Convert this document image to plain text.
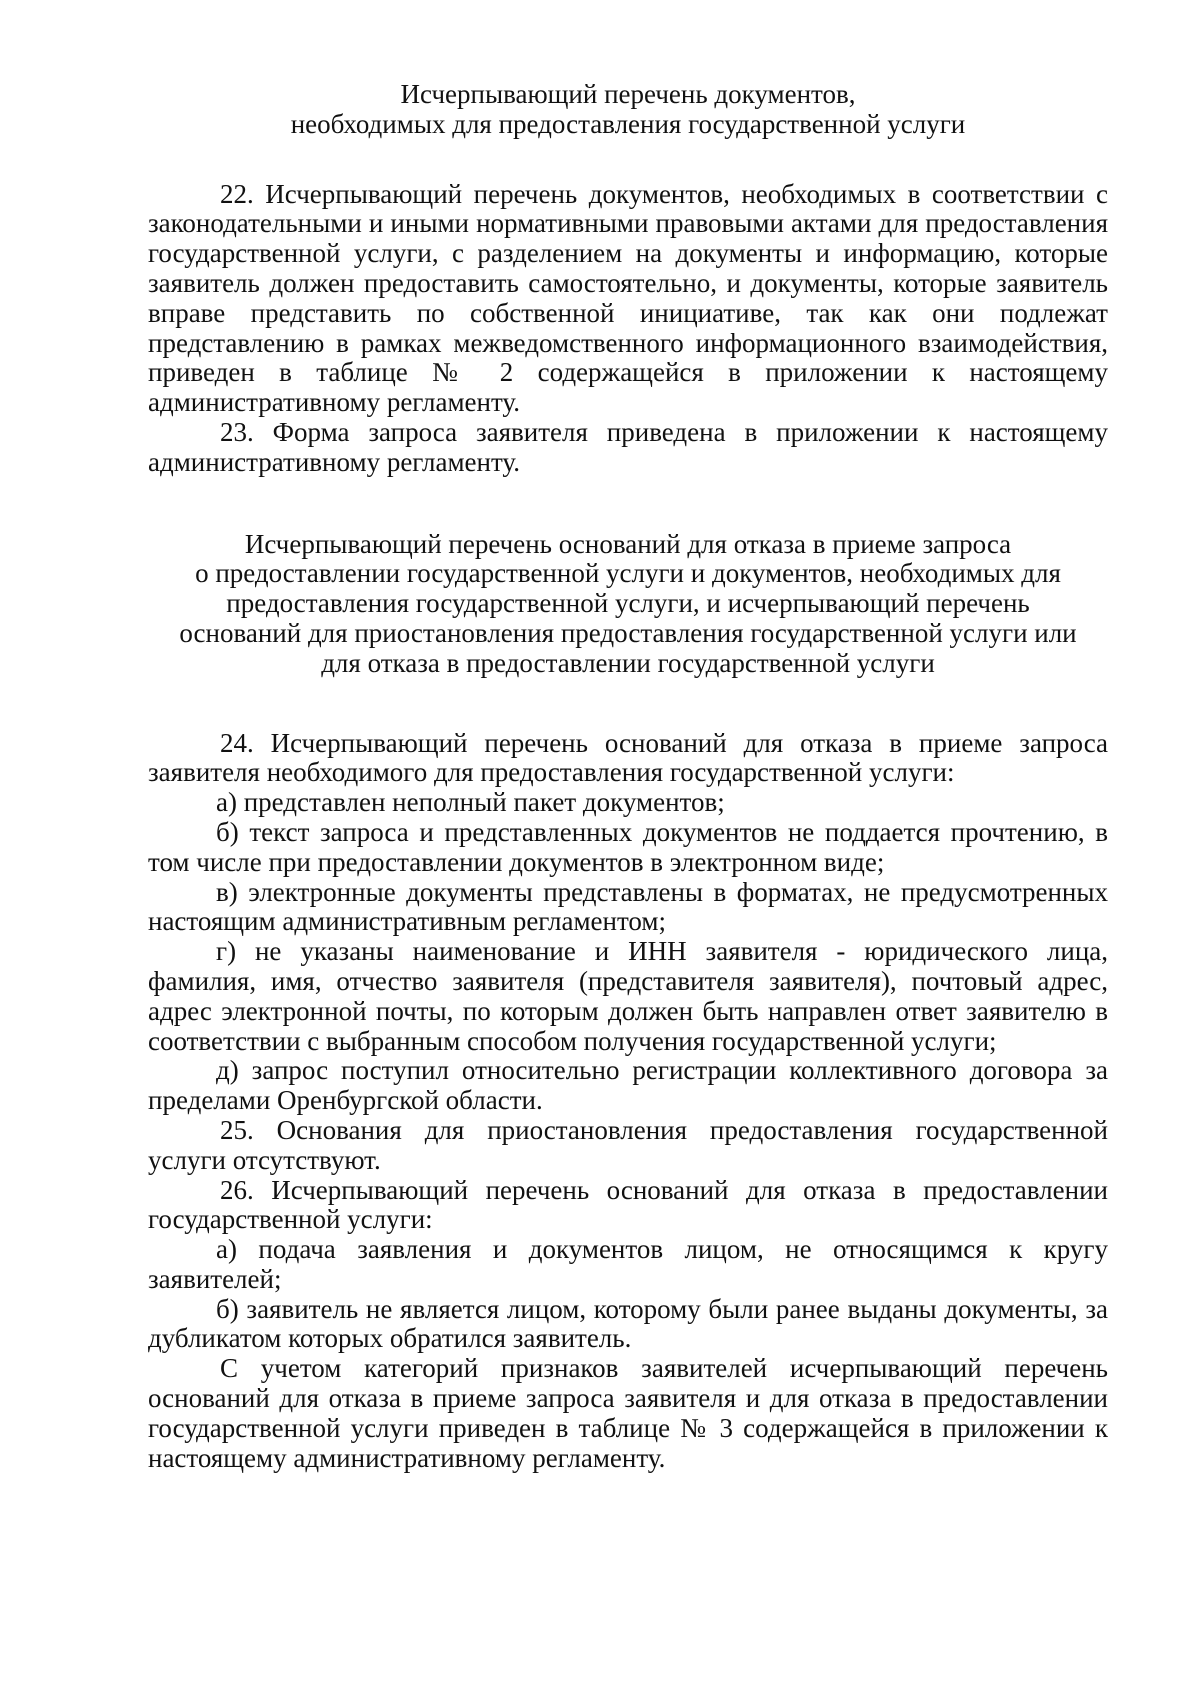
Исчерпывающий перечень документов,
необходимых для предоставления государственной услуги

22. Исчерпывающий перечень документов, необходимых в соответствии с законодательными и иными нормативными правовыми актами для предоставления государственной услуги, с разделением на документы и информацию, которые заявитель должен предоставить самостоятельно, и документы, которые заявитель вправе представить по собственной инициативе, так как они подлежат представлению в рамках межведомственного информационного взаимодействия, приведен в таблице № 2 содержащейся в приложении к настоящему административному регламенту.

23. Форма запроса заявителя приведена в приложении к настоящему административному регламенту.

Исчерпывающий перечень оснований для отказа в приеме запроса
о предоставлении государственной услуги и документов, необходимых для
предоставления государственной услуги, и исчерпывающий перечень
оснований для приостановления предоставления государственной услуги или
для отказа в предоставлении государственной услуги

24. Исчерпывающий перечень оснований для отказа в приеме запроса заявителя необходимого для предоставления государственной услуги:

а) представлен неполный пакет документов;

б) текст запроса и представленных документов не поддается прочтению, в том числе при предоставлении документов в электронном виде;

в) электронные документы представлены в форматах, не предусмотренных настоящим административным регламентом;

г) не указаны наименование и ИНН заявителя - юридического лица, фамилия, имя, отчество заявителя (представителя заявителя), почтовый адрес, адрес электронной почты, по которым должен быть направлен ответ заявителю в соответствии с выбранным способом получения государственной услуги;

д) запрос поступил относительно регистрации коллективного договора за пределами Оренбургской области.

25. Основания для приостановления предоставления государственной услуги отсутствуют.

26. Исчерпывающий перечень оснований для отказа в предоставлении государственной услуги:

а) подача заявления и документов лицом, не относящимся к кругу заявителей;

б) заявитель не является лицом, которому были ранее выданы документы, за дубликатом которых обратился заявитель.

С учетом категорий признаков заявителей исчерпывающий перечень оснований для отказа в приеме запроса заявителя и для отказа в предоставлении государственной услуги приведен в таблице № 3 содержащейся в приложении к настоящему административному регламенту.
